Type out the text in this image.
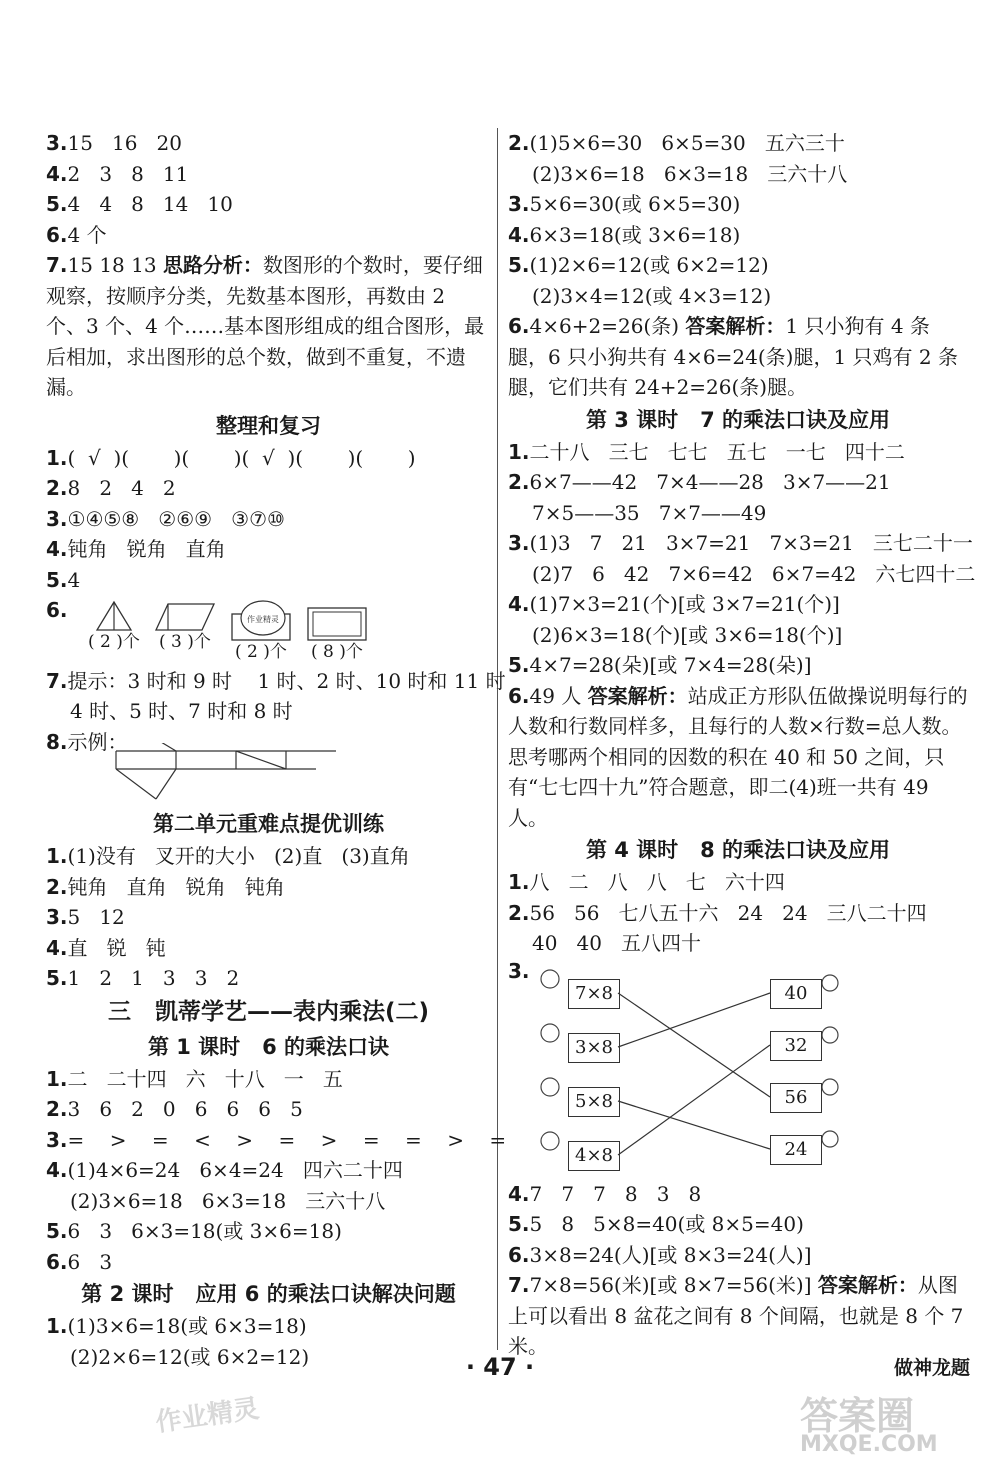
3.15   16   20
4.2   3   8   11
5.4   4   8   14   10
6.4 个
7.15 18 13 思路分析：数图形的个数时，要仔细观察，按顺序分类，先数基本图形，再数由 2 个、3 个、4 个……基本图形组成的组合图形，最后相加，求出图形的总个数，做到不重复，不遗漏。
整理和复习
1.(  √  )(       )(       )(  √  )(       )(       )
2.8   2   4   2
3.①④⑤⑧   ②⑥⑨   ③⑦⑩
4.钝角   锐角   直角
5.4
6.
( 2 )个 ( 3 )个
作业精灵
( 2 )个 ( 8 )个
7.提示：3 时和 9 时    1 时、2 时、10 时和 11 时
4 时、5 时、7 时和 8 时
8.示例：
第二单元重难点提优训练
1.(1)没有   叉开的大小   (2)直   (3)直角
2.钝角   直角   锐角   钝角
3.5   12
4.直   锐   钝
5.1   2   1   3   3   2
三   凯蒂学艺——表内乘法(二)
第 1 课时   6 的乘法口诀
1.二   二十四   六   十八   一   五
2.3   6   2   0   6   6   6   5
3.=    >    =    <    >    =    >    =    =    >    =
4.(1)4×6=24   6×4=24   四六二十四
(2)3×6=18   6×3=18   三六十八
5.6   3   6×3=18(或 3×6=18)
6.6   3
第 2 课时   应用 6 的乘法口诀解决问题
1.(1)3×6=18(或 6×3=18)
(2)2×6=12(或 6×2=12)
2.(1)5×6=30   6×5=30   五六三十
(2)3×6=18   6×3=18   三六十八
3.5×6=30(或 6×5=30)
4.6×3=18(或 3×6=18)
5.(1)2×6=12(或 6×2=12)
(2)3×4=12(或 4×3=12)
6.4×6+2=26(条) 答案解析：1 只小狗有 4 条腿，6 只小狗共有 4×6=24(条)腿，1 只鸡有 2 条腿，它们共有 24+2=26(条)腿。
第 3 课时   7 的乘法口诀及应用
1.二十八   三七   七七   五七   一七   四十二
2.6×7——42   7×4——28   3×7——21
7×5——35   7×7——49
3.(1)3   7   21   3×7=21   7×3=21   三七二十一
(2)7   6   42   7×6=42   6×7=42   六七四十二
4.(1)7×3=21(个)[或 3×7=21(个)]
(2)6×3=18(个)[或 3×6=18(个)]
5.4×7=28(朵)[或 7×4=28(朵)]
6.49 人 答案解析：站成正方形队伍做操说明每行的人数和行数同样多，且每行的人数×行数=总人数。思考哪两个相同的因数的积在 40 和 50 之间，只有“七七四十九”符合题意，即二(4)班一共有 49 人。
第 4 课时   8 的乘法口诀及应用
1.八   二   八   八   七   六十四
2.56   56   七八五十六   24   24   三八二十四
40   40   五八四十
3.
7×8
3×8
5×8
4×8
40
32
56
24
4.7   7   7   8   3   8
5.5   8   5×8=40(或 8×5=40)
6.3×8=24(人)[或 8×3=24(人)]
7.7×8=56(米)[或 8×7=56(米)] 答案解析：从图上可以看出 8 盆花之间有 8 个间隔，也就是 8 个 7 米。
· 47 ·	做神龙题
作业精灵	答案圈
MXQE.COM
